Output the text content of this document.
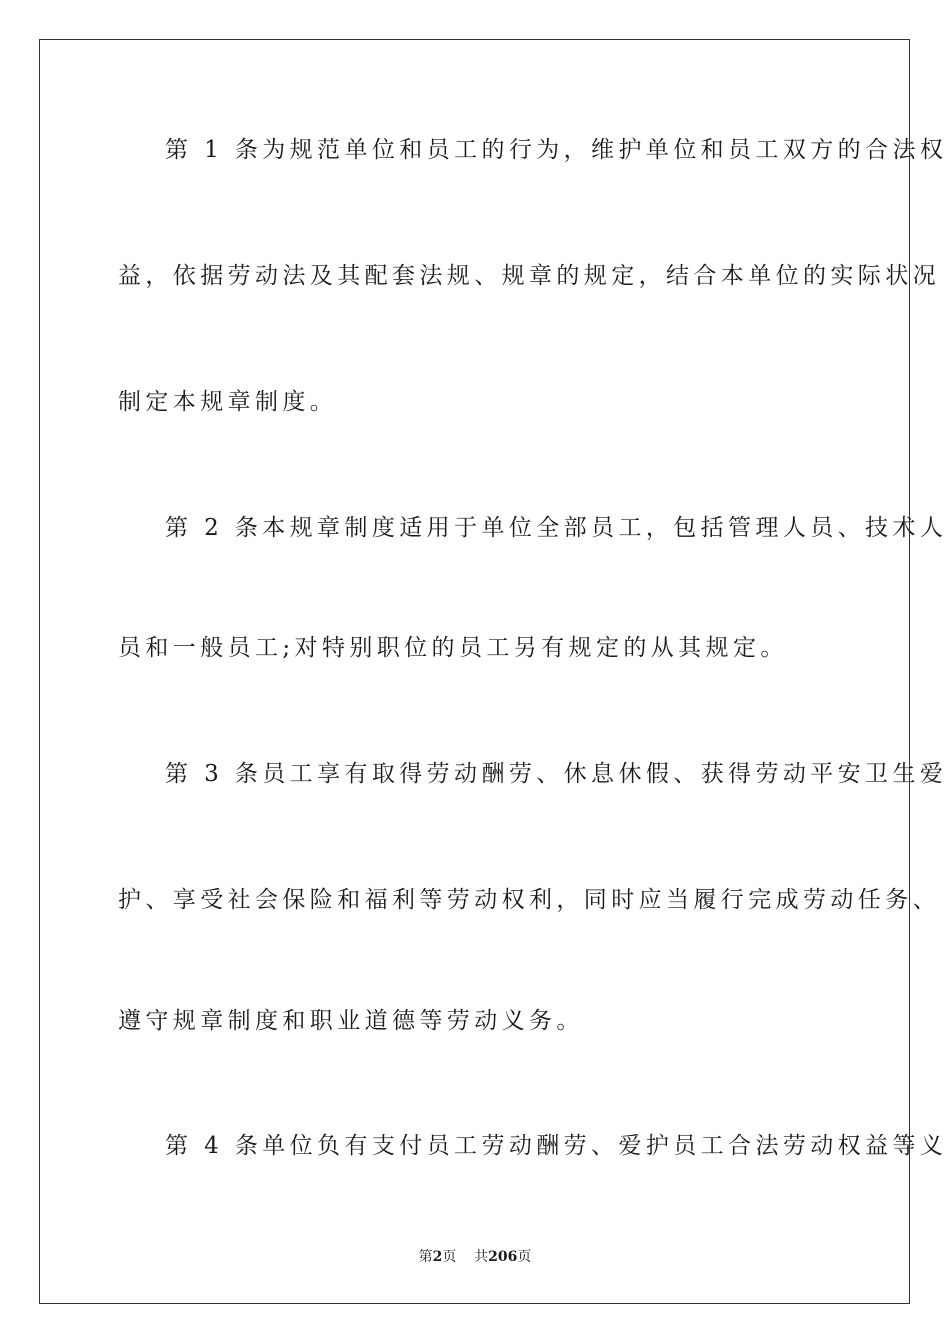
第 1 条为规范单位和员工的行为，维护单位和员工双方的合法权
益，依据劳动法及其配套法规、规章的规定，结合本单位的实际状况
制定本规章制度。
第 2 条本规章制度适用于单位全部员工，包括管理人员、技术人
员和一般员工;对特别职位的员工另有规定的从其规定。
第 3 条员工享有取得劳动酬劳、休息休假、获得劳动平安卫生爱
护、享受社会保险和福利等劳动权利，同时应当履行完成劳动任务、
遵守规章制度和职业道德等劳动义务。
第 4 条单位负有支付员工劳动酬劳、爱护员工合法劳动权益等义
第2页 共206页
